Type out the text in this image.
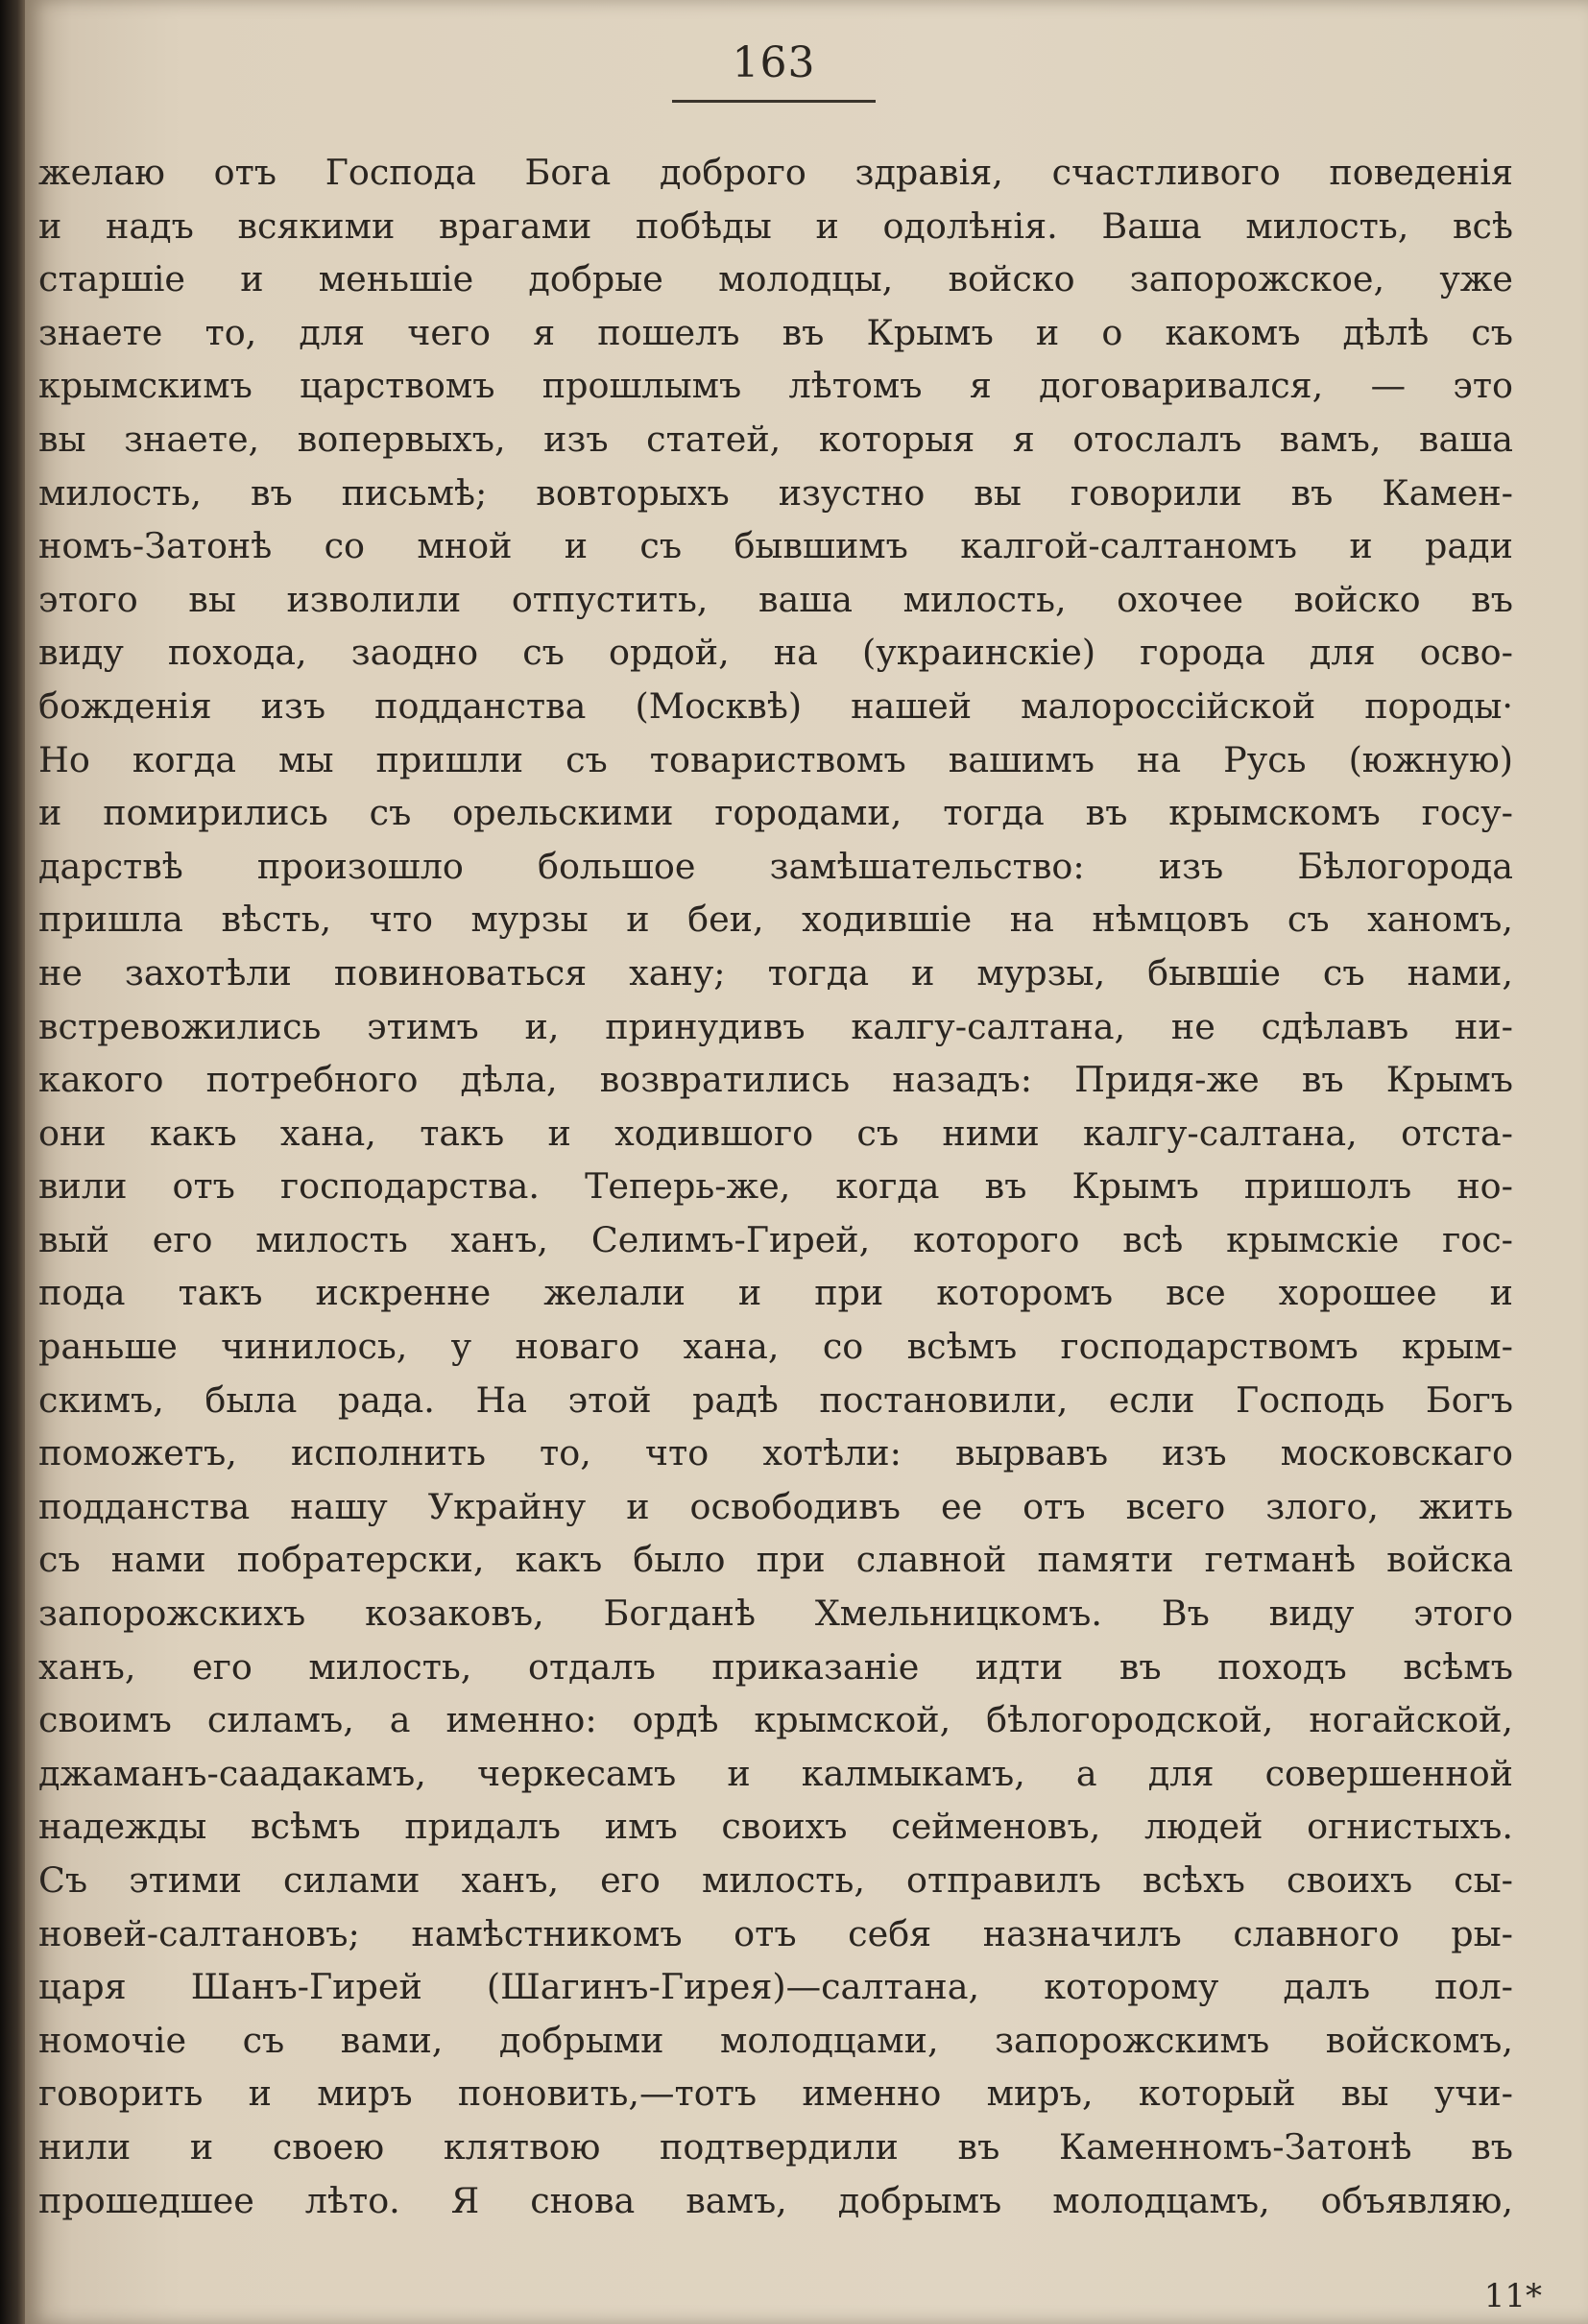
163
желаю отъ Господа Бога доброго здравія, счастливого поведенія
и надъ всякими врагами побѣды и одолѣнія. Ваша милость, всѣ
старшіе и меньшіе добрые молодцы, войско запорожское, уже
знаете то, для чего я пошелъ въ Крымъ и о какомъ дѣлѣ съ
крымскимъ царствомъ прошлымъ лѣтомъ я договаривался, — это
вы знаете, вопервыхъ, изъ статей, которыя я отослалъ вамъ, ваша
милость, въ письмѣ; вовторыхъ изустно вы говорили въ Камен-
номъ-Затонѣ со мной и съ бывшимъ калгой-салтаномъ и ради
этого вы изволили отпустить, ваша милость, охочее войско въ
виду похода, заодно съ ордой, на (украинскіе) города для осво-
божденія изъ подданства (Москвѣ) нашей малороссійской породы·
Но когда мы пришли съ товариствомъ вашимъ на Русь (южную)
и помирились съ орельскими городами, тогда въ крымскомъ госу-
дарствѣ произошло большое замѣшательство: изъ Бѣлогорода
пришла вѣсть, что мурзы и беи, ходившіе на нѣмцовъ съ ханомъ,
не захотѣли повиноваться хану; тогда и мурзы, бывшіе съ нами,
встревожились этимъ и, принудивъ калгу-салтана, не сдѣлавъ ни-
какого потребного дѣла, возвратились назадъ: Придя-же въ Крымъ
они какъ хана, такъ и ходившого съ ними калгу-салтана, отста-
вили отъ господарства. Теперь-же, когда въ Крымъ пришолъ но-
вый его милость ханъ, Селимъ-Гирей, которого всѣ крымскіе гос-
пода такъ искренне желали и при которомъ все хорошее и
раньше чинилось, у новаго хана, со всѣмъ господарствомъ крым-
скимъ, была рада. На этой радѣ постановили, если Господь Богъ
поможетъ, исполнить то, что хотѣли: вырвавъ изъ московскаго
подданства нашу Украйну и освободивъ ее отъ всего злого, жить
съ нами побратерски, какъ было при славной памяти гетманѣ войска
запорожскихъ козаковъ, Богданѣ Хмельницкомъ. Въ виду этого
ханъ, его милость, отдалъ приказаніе идти въ походъ всѣмъ
своимъ силамъ, а именно: ордѣ крымской, бѣлогородской, ногайской,
джаманъ-саадакамъ, черкесамъ и калмыкамъ, а для совершенной
надежды всѣмъ придалъ имъ своихъ сейменовъ, людей огнистыхъ.
Съ этими силами ханъ, его милость, отправилъ всѣхъ своихъ сы-
новей-салтановъ; намѣстникомъ отъ себя назначилъ славного ры-
царя Шанъ-Гирей (Шагинъ-Гирея)—салтана, которому далъ пол-
номочіе съ вами, добрыми молодцами, запорожскимъ войскомъ,
говорить и миръ поновить,—тотъ именно миръ, который вы учи-
нили и своею клятвою подтвердили въ Каменномъ-Затонѣ въ
прошедшее лѣто. Я снова вамъ, добрымъ молодцамъ, объявляю,
11*
